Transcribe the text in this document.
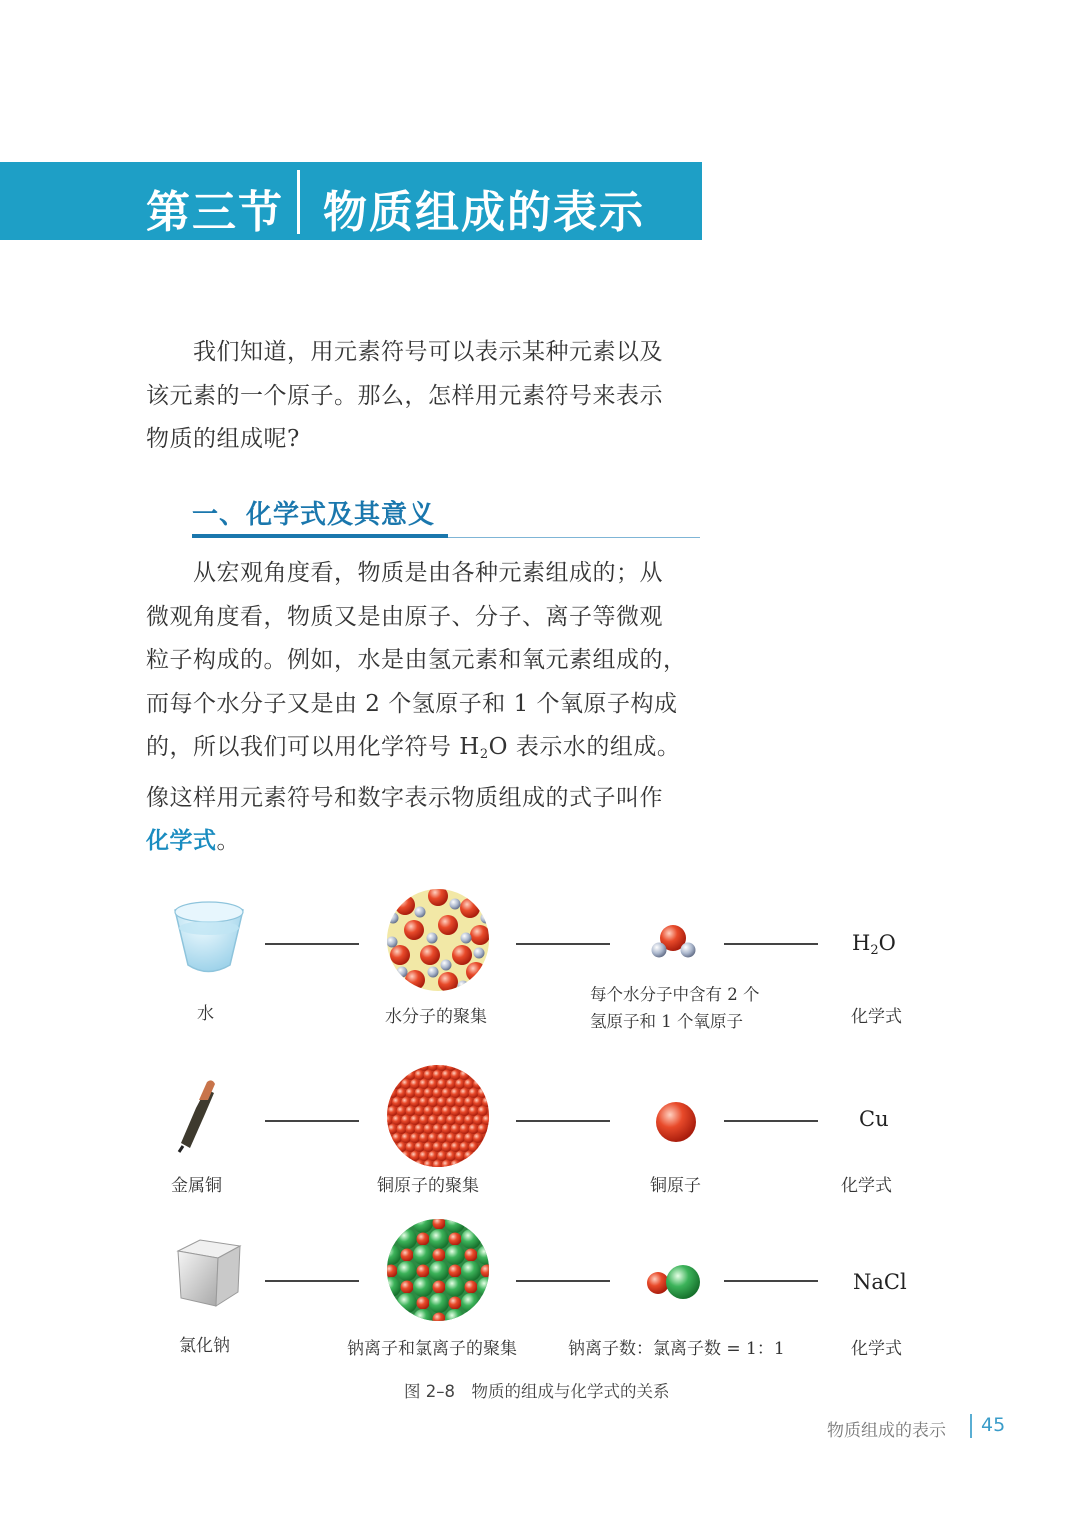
第三节 物质组成的表示
我们知道，用元素符号可以表示某种元素以及
该元素的一个原子。那么，怎样用元素符号来表示
物质的组成呢?
一、化学式及其意义
从宏观角度看，物质是由各种元素组成的；从
微观角度看，物质又是由原子、分子、离子等微观
粒子构成的。例如，水是由氢元素和氧元素组成的，
而每个水分子又是由 2 个氢原子和 1 个氧原子构成
的，所以我们可以用化学符号 $H_2O$ 表示水的组成。
像这样用元素符号和数字表示物质组成的式子叫作
化学式。
水	水分子的聚集
每个水分子中含有 2 个
氢原子和 1 个氧原子
$H_2O$
化学式
金属铜	铜原子的聚集	铜原子
Cu
化学式
氯化钠	钠离子和氯离子的聚集	钠离子数：氯离子数 = 1：1
NaCl
化学式
图 2–8　物质的组成与化学式的关系
物质组成的表示 45
